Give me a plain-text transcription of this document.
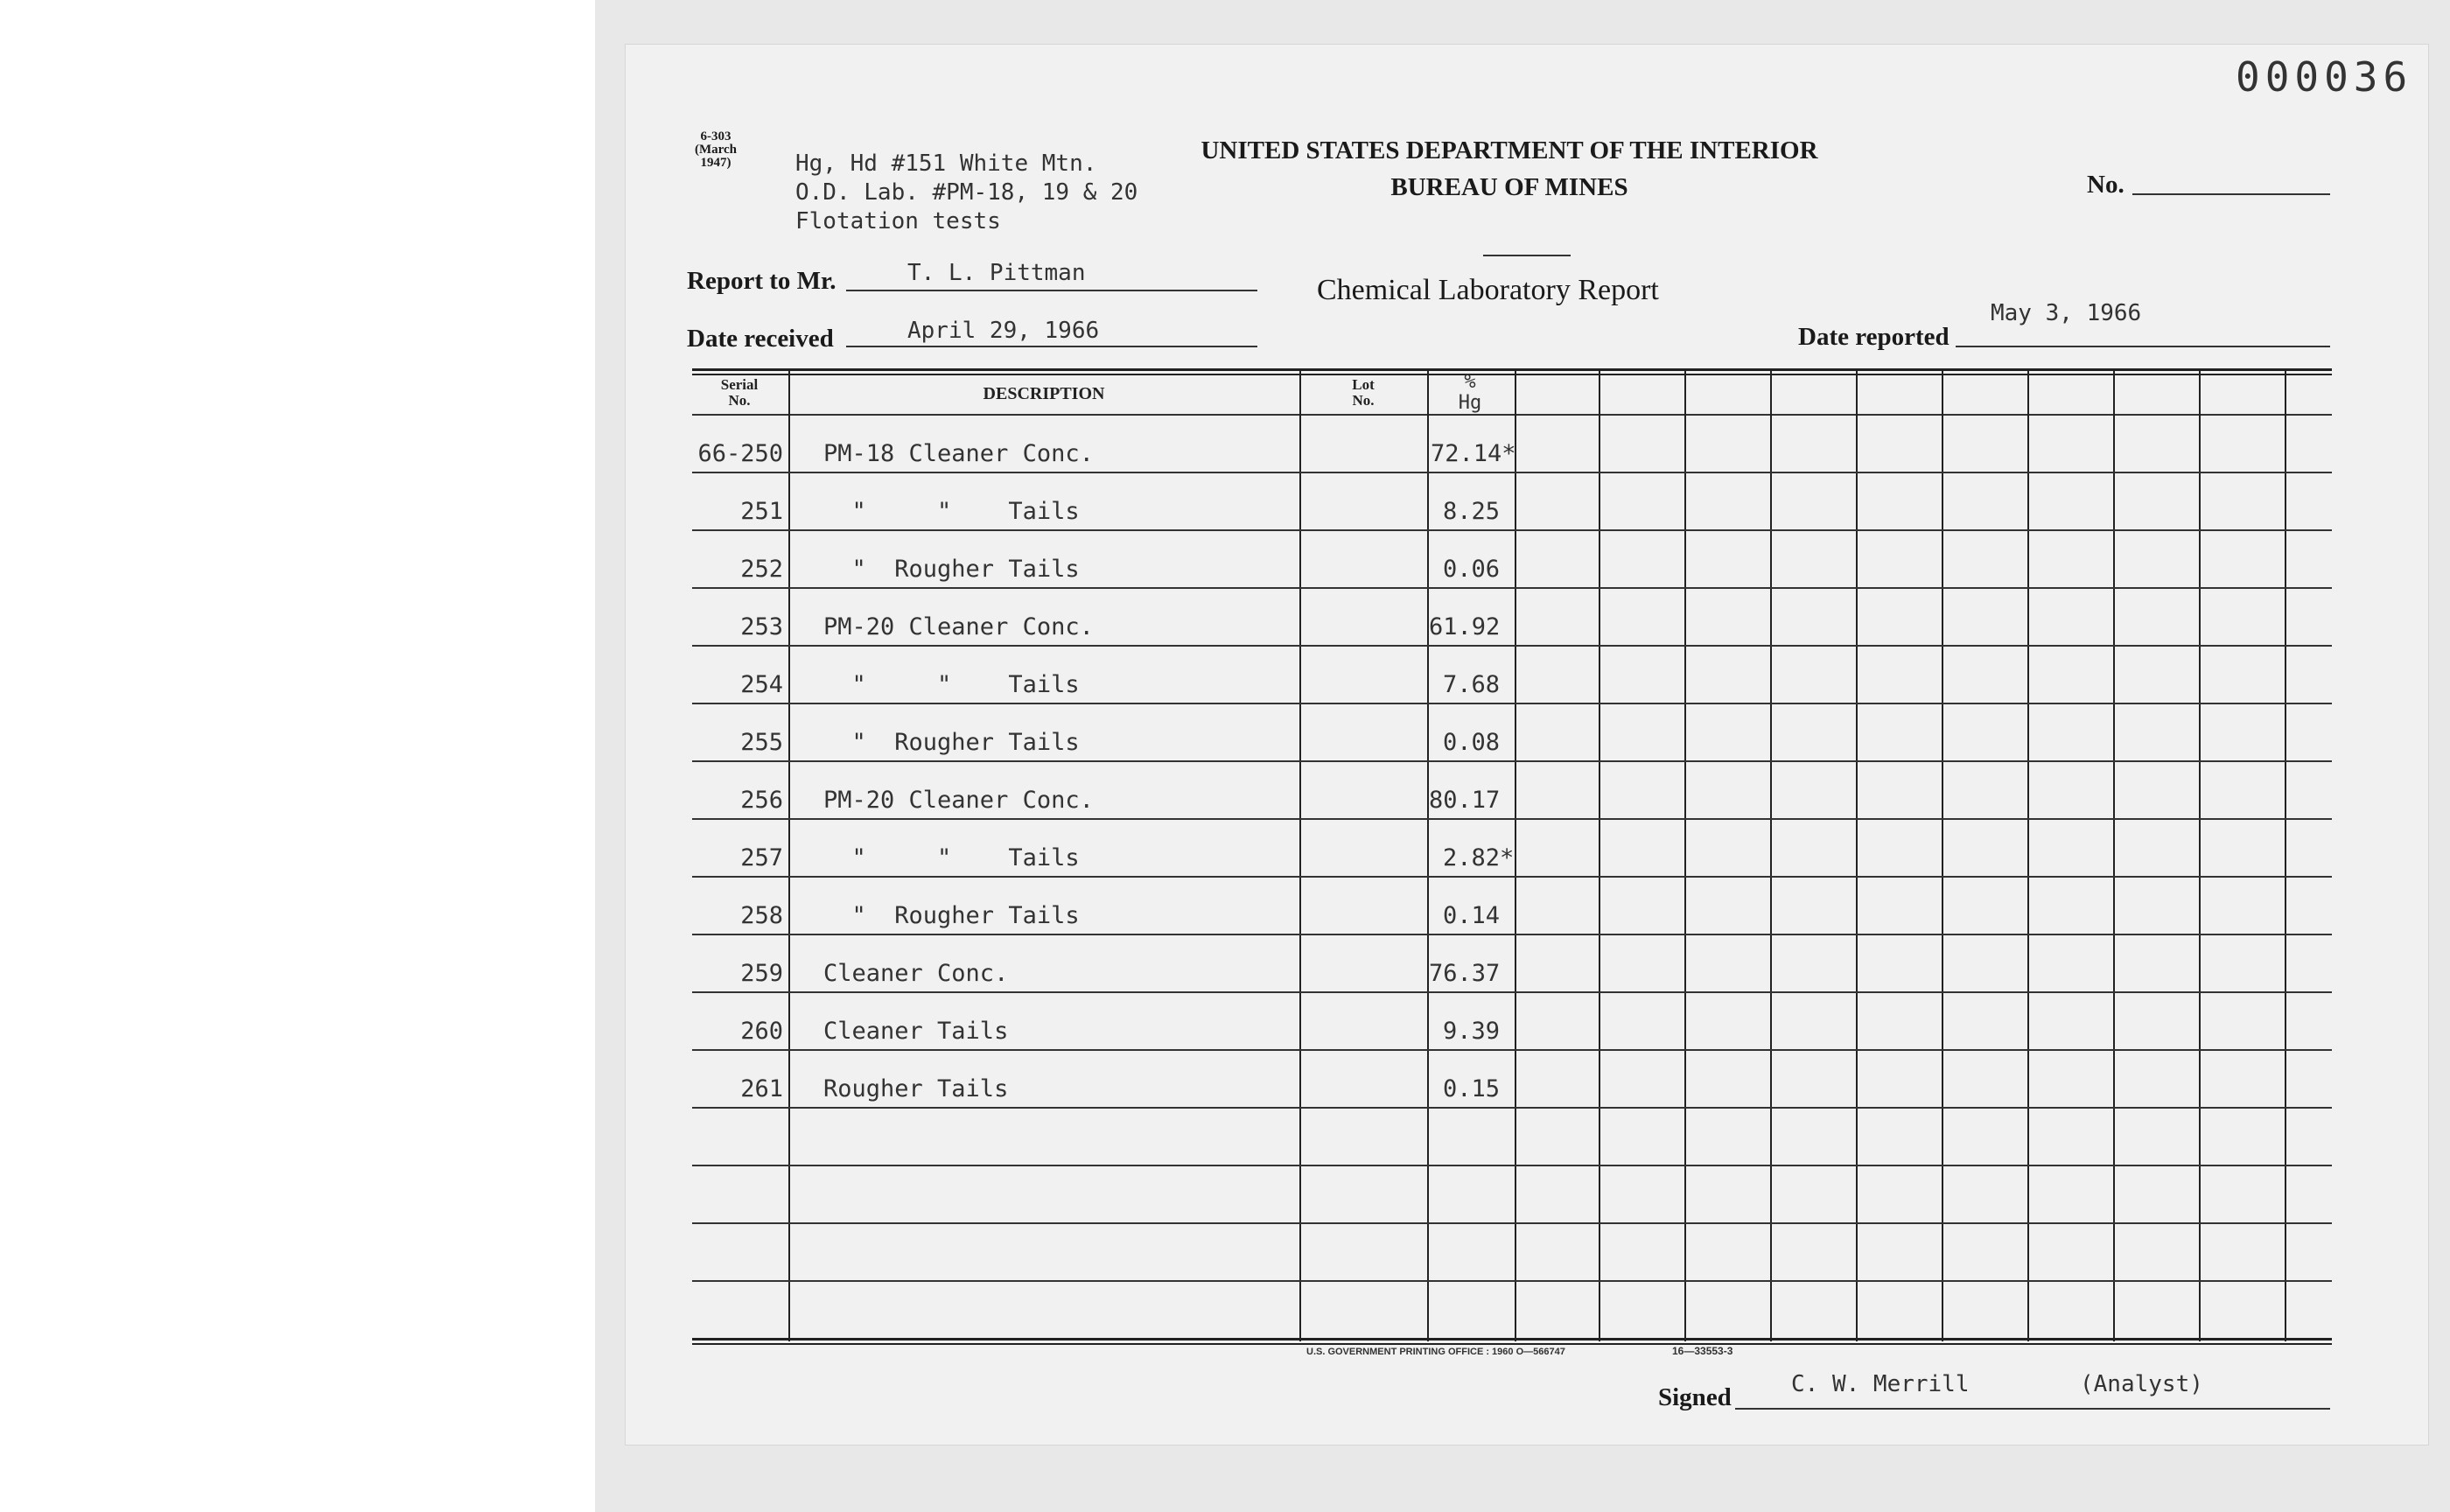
000036
6-303
(March 1947)	Hg, Hd #151 White Mtn.
O.D. Lab. #PM-18, 19 & 20
Flotation tests
UNITED STATES DEPARTMENT OF THE INTERIOR
BUREAU OF MINES	No.
Chemical Laboratory Report
Report to Mr.	T. L. Pittman
Date received	April 29, 1966	Date reported
May 3, 1966
Serial
No.	DESCRIPTION	Lot
No.
%
Hg
66-250 PM-18 Cleaner Conc.	72.14*
251 "     "    Tails	8.25
252 "  Rougher Tails	0.06
253 PM-20 Cleaner Conc.	61.92
254 "     "    Tails	7.68
255 "  Rougher Tails	0.08
256 PM-20 Cleaner Conc.	80.17
257 "     "    Tails	2.82*
258 "  Rougher Tails	0.14
259 Cleaner Conc.	76.37
260 Cleaner Tails	9.39
261 Rougher Tails	0.15
U.S. GOVERNMENT PRINTING OFFICE : 1960 O—566747	16—33553-3
Signed	C. W. Merrill	(Analyst)
